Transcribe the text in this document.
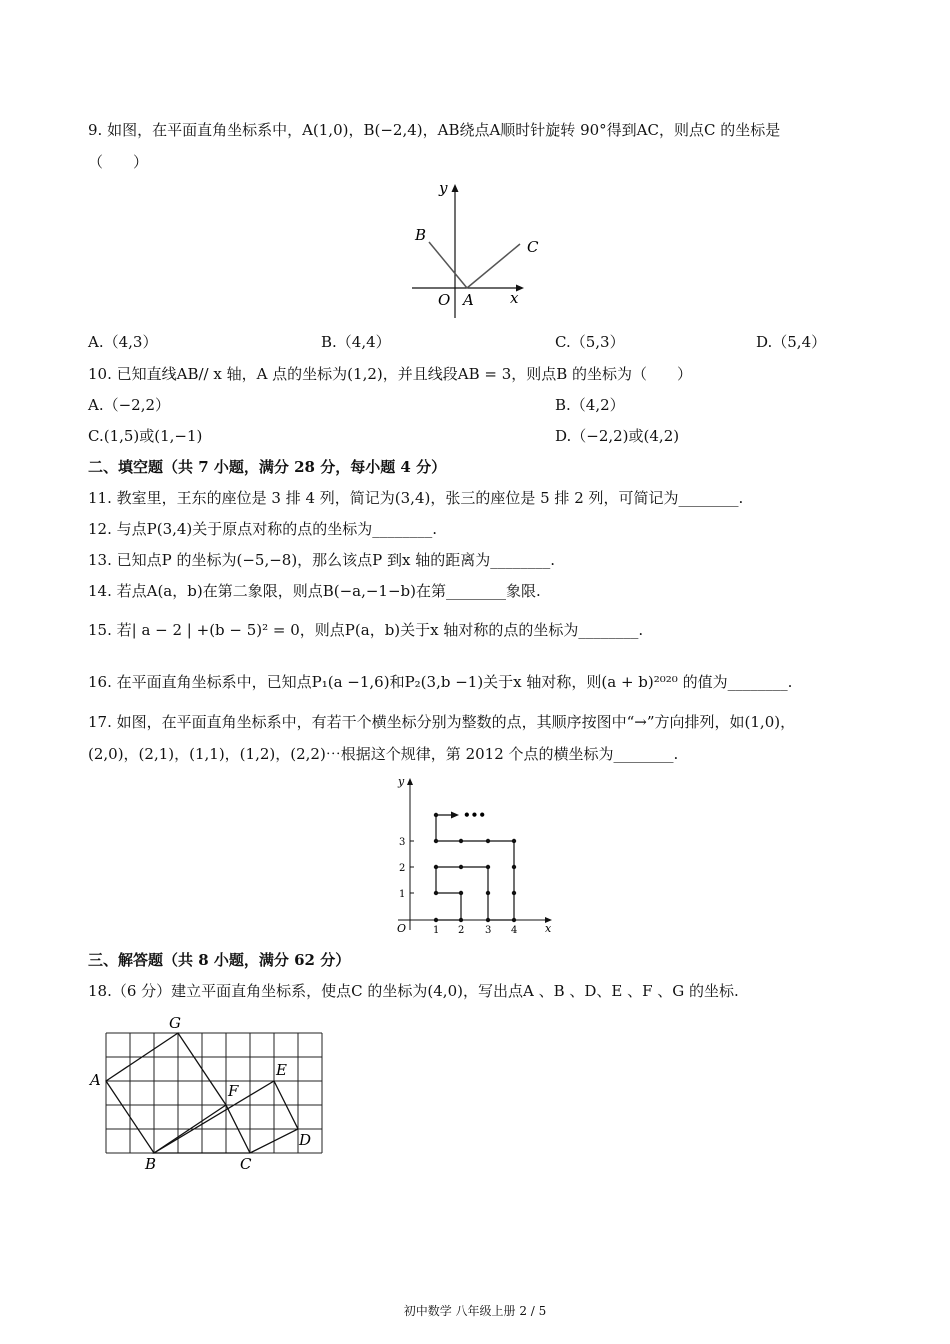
9. 如图，在平面直角坐标系中，A(1,0)，B(−2,4)，AB绕点A顺时针旋转 90°得到AC，则点C 的坐标是
（　　）
y
B
C
O A x
A.（4,3）	B.（4,4）	C.（5,3）	D.（5,4）
10. 已知直线AB// x 轴，A 点的坐标为(1,2)，并且线段AB = 3，则点B 的坐标为（　　）
A.（−2,2）	B.（4,2）
C.(1,5)或(1,−1)	D.（−2,2)或(4,2)
二、填空题（共 7 小题，满分 28 分，每小题 4 分）
11. 教室里，王东的座位是 3 排 4 列，简记为(3,4)，张三的座位是 5 排 2 列，可简记为________.
12. 与点P(3,4)关于原点对称的点的坐标为________.
13. 已知点P 的坐标为(−5,−8)，那么该点P 到x 轴的距离为________.
14. 若点A(a，b)在第二象限，则点B(−a,−1−b)在第________象限.
15. 若| a − 2 | +(b − 5)² = 0，则点P(a，b)关于x 轴对称的点的坐标为________.
16. 在平面直角坐标系中，已知点P₁(a −1,6)和P₂(3,b −1)关于x 轴对称，则(a + b)²⁰²⁰ 的值为________.
17. 如图，在平面直角坐标系中，有若干个横坐标分别为整数的点，其顺序按图中“→”方向排列，如(1,0)，
(2,0)，(2,1)，(1,1)，(1,2)，(2,2)⋯根据这个规律，第 2012 个点的横坐标为________.
•••
y
x
O	1 2 3 4
1
2
3
三、解答题（共 8 小题，满分 62 分）
18.（6 分）建立平面直角坐标系，使点C 的坐标为(4,0)，写出点A 、B 、D、E 、F 、G 的坐标.
A
B	C
D
E
F
G
初中数学 八年级上册 2 / 5
